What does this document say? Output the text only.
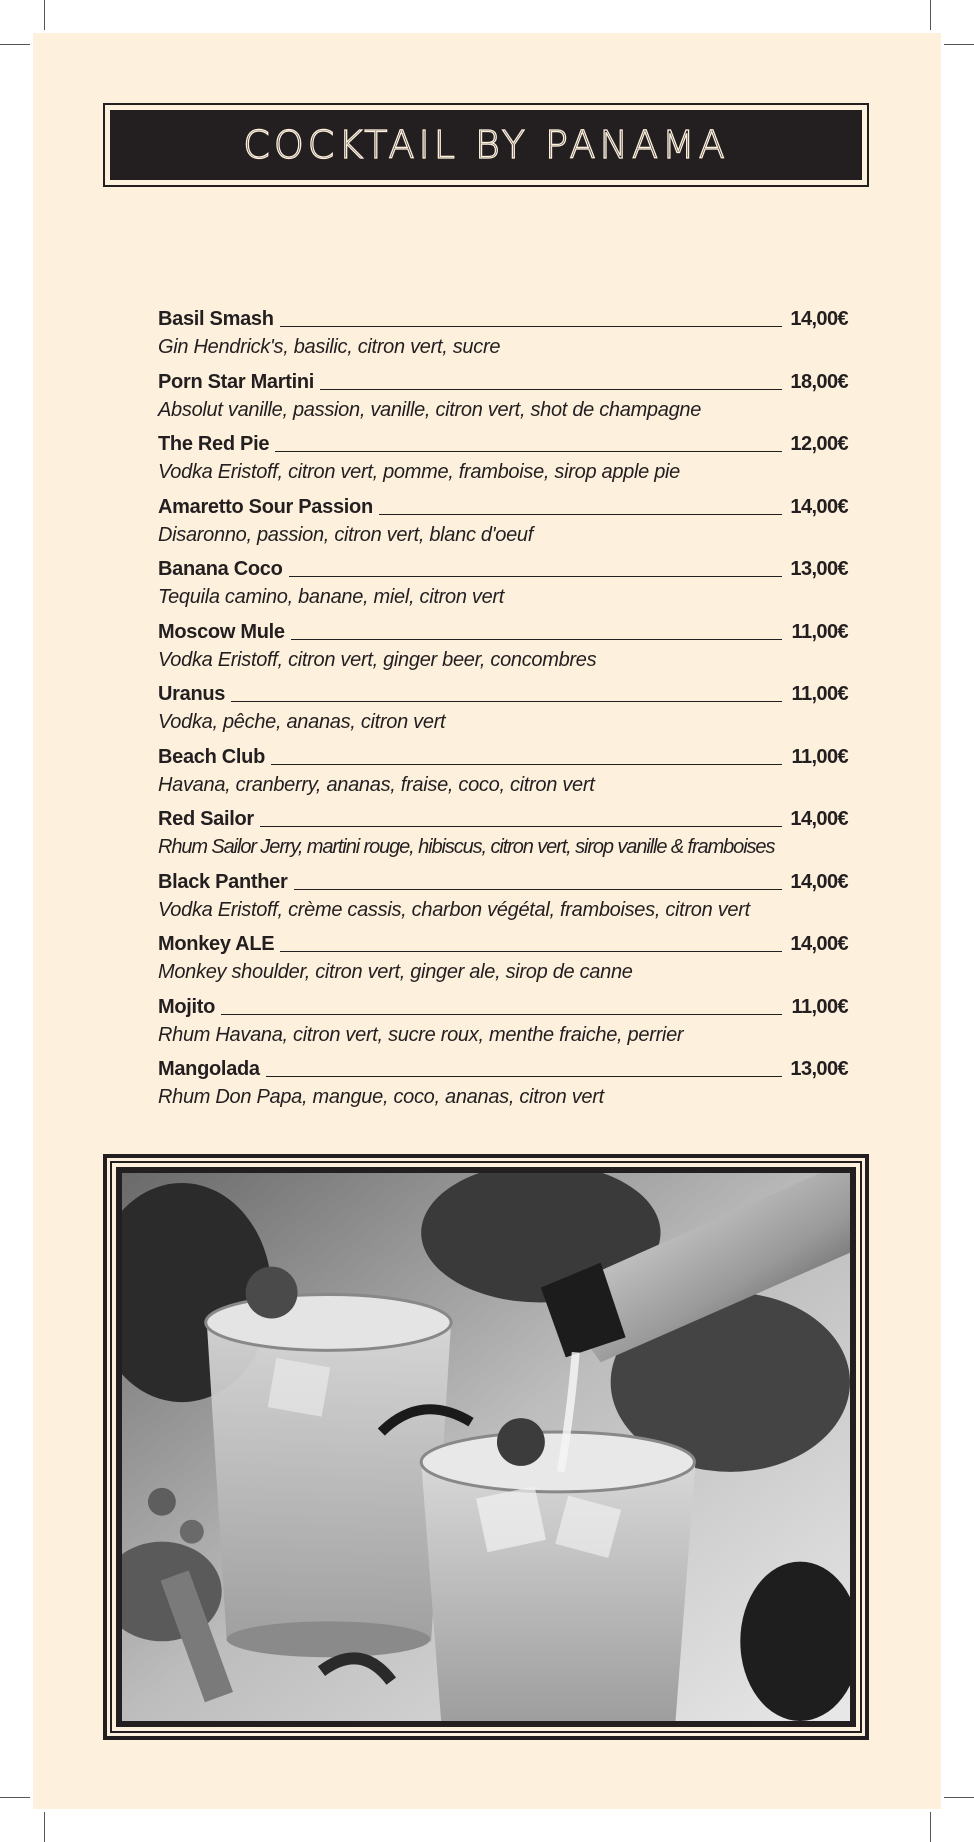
COCKTAIL BY PANAMA
Basil Smash	14,00€
Gin Hendrick's, basilic, citron vert, sucre
Porn Star Martini	18,00€
Absolut vanille, passion, vanille, citron vert, shot de champagne
The Red Pie	12,00€
Vodka Eristoff, citron vert, pomme, framboise, sirop apple pie
Amaretto Sour Passion	14,00€
Disaronno, passion, citron vert, blanc d'oeuf
Banana Coco	13,00€
Tequila camino, banane, miel, citron vert
Moscow Mule	11,00€
Vodka Eristoff, citron vert, ginger beer, concombres
Uranus	11,00€
Vodka, pêche, ananas, citron vert
Beach Club	11,00€
Havana, cranberry, ananas, fraise, coco, citron vert
Red Sailor	14,00€
Rhum Sailor Jerry, martini rouge, hibiscus, citron vert, sirop vanille & framboises
Black Panther	14,00€
Vodka Eristoff, crème cassis, charbon végétal, framboises, citron vert
Monkey ALE	14,00€
Monkey shoulder, citron vert, ginger ale, sirop de canne
Mojito	11,00€
Rhum Havana, citron vert, sucre roux, menthe fraiche, perrier
Mangolada	13,00€
Rhum Don Papa, mangue, coco, ananas, citron vert
